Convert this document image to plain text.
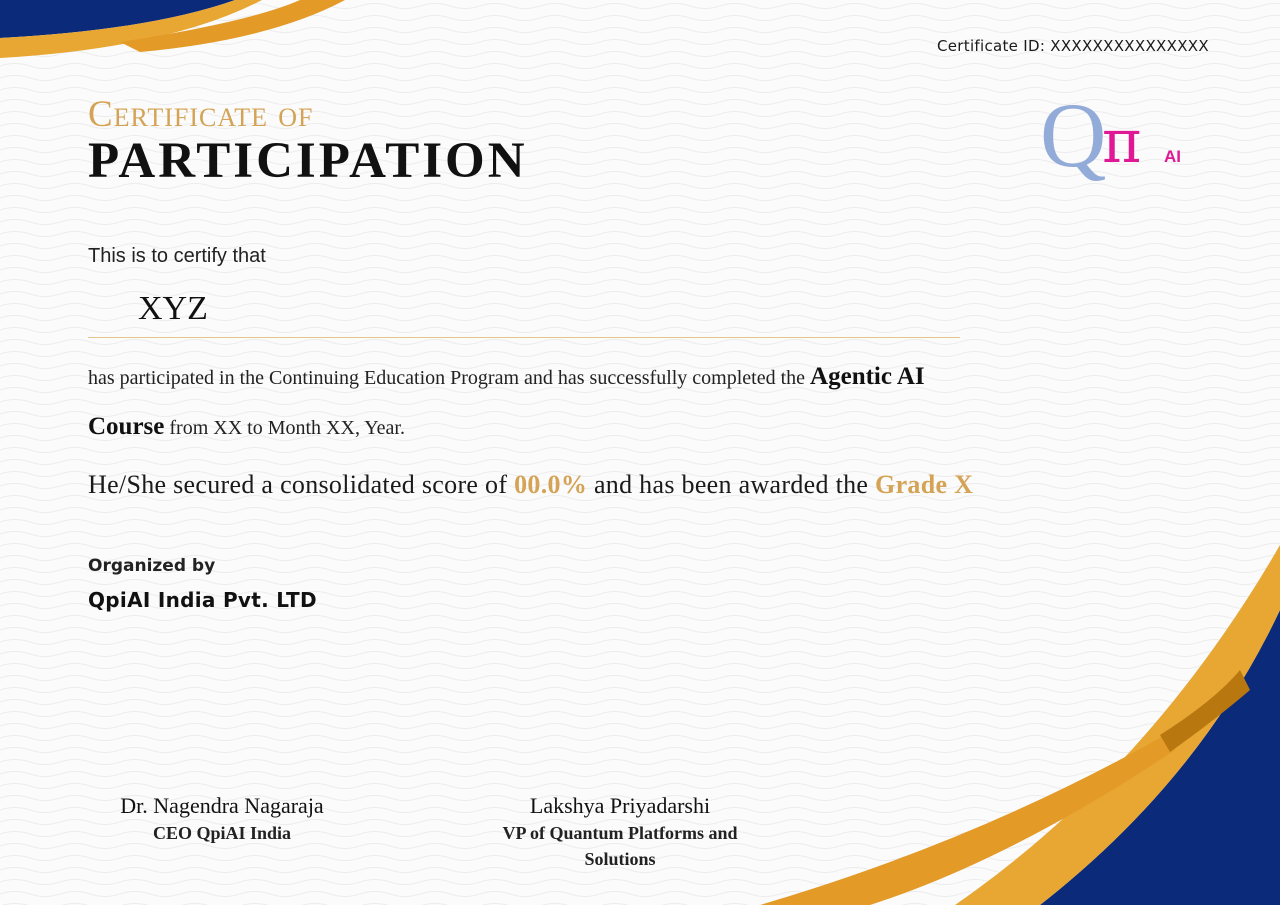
Certificate ID: XXXXXXXXXXXXXXX
Certificate of
PARTICIPATION	Q
π AI
This is to certify that
XYZ
has participated in the Continuing Education Program and has successfully completed the Agentic AI
Course from XX to Month XX, Year.
He/She secured a consolidated score of 00.0% and has been awarded the Grade X
Organized by
QpiAI India Pvt. LTD
Dr. Nagendra Nagaraja
CEO QpiAI India
Lakshya Priyadarshi
VP of Quantum Platforms and
Solutions
